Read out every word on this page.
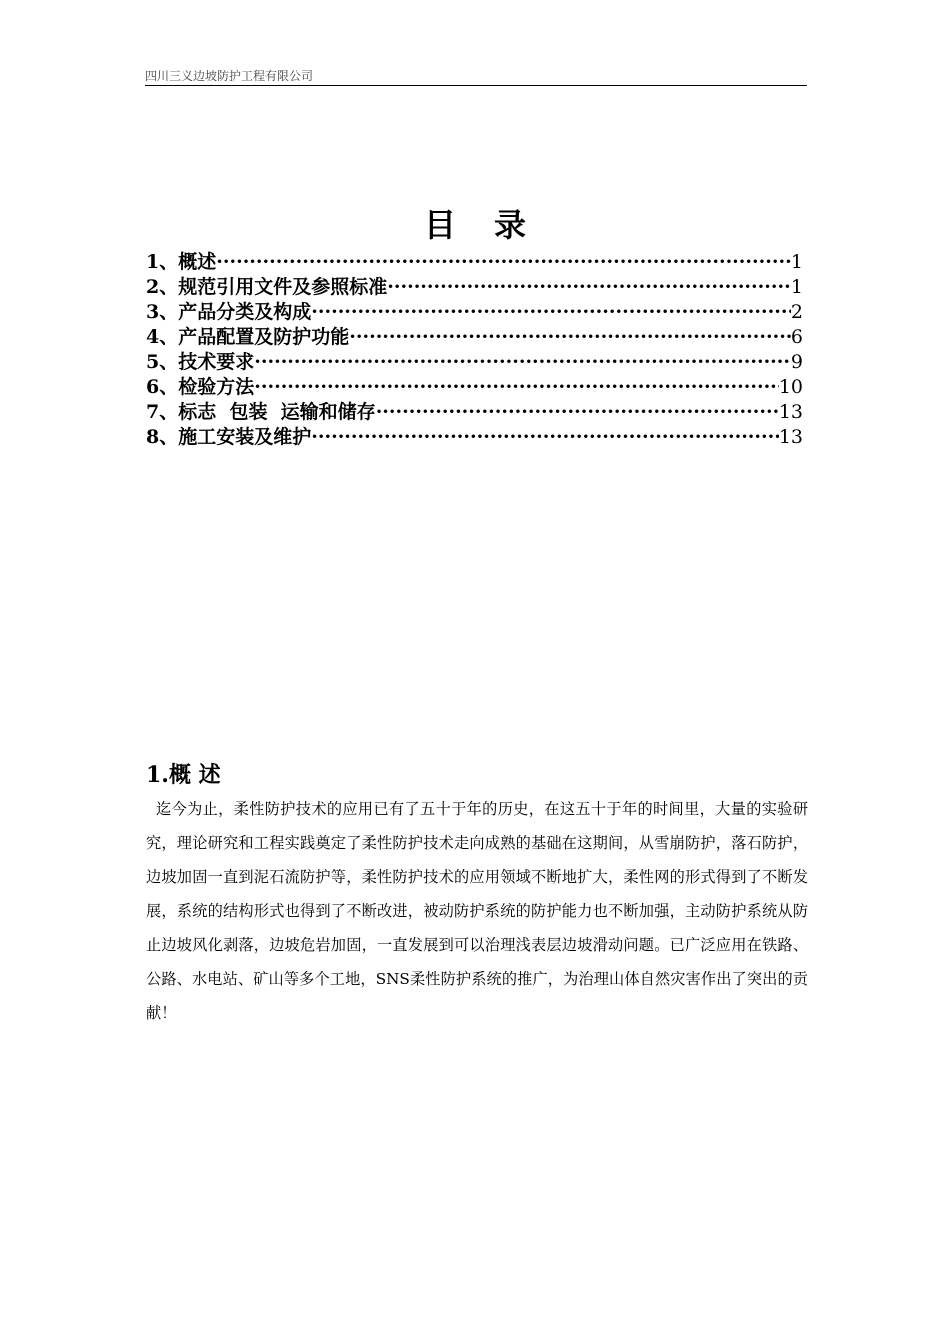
四川三义边坡防护工程有限公司
目录
1、概述 ·····	1
2、规范引用文件及参照标准 ·····	1
3、产品分类及构成 ·····	2
4、产品配置及防护功能 ·····	6
5、技术要求 ·····	9
6、检验方法 ·····	10
7、标志  包装  运输和储存 ·····	13
8、施工安装及维护 ·····	13
1.概 述
迄今为止，柔性防护技术的应用已有了五十于年的历史，在这五十于年的时间里，大量的实验研究，理论研究和工程实践奠定了柔性防护技术走向成熟的基础在这期间，从雪崩防护，落石防护，边坡加固一直到泥石流防护等，柔性防护技术的应用领域不断地扩大，柔性网的形式得到了不断发展，系统的结构形式也得到了不断改进，被动防护系统的防护能力也不断加强，主动防护系统从防止边坡风化剥落，边坡危岩加固，一直发展到可以治理浅表层边坡滑动问题。已广泛应用在铁路、公路、水电站、矿山等多个工地，SNS柔性防护系统的推广，为治理山体自然灾害作出了突出的贡献！
